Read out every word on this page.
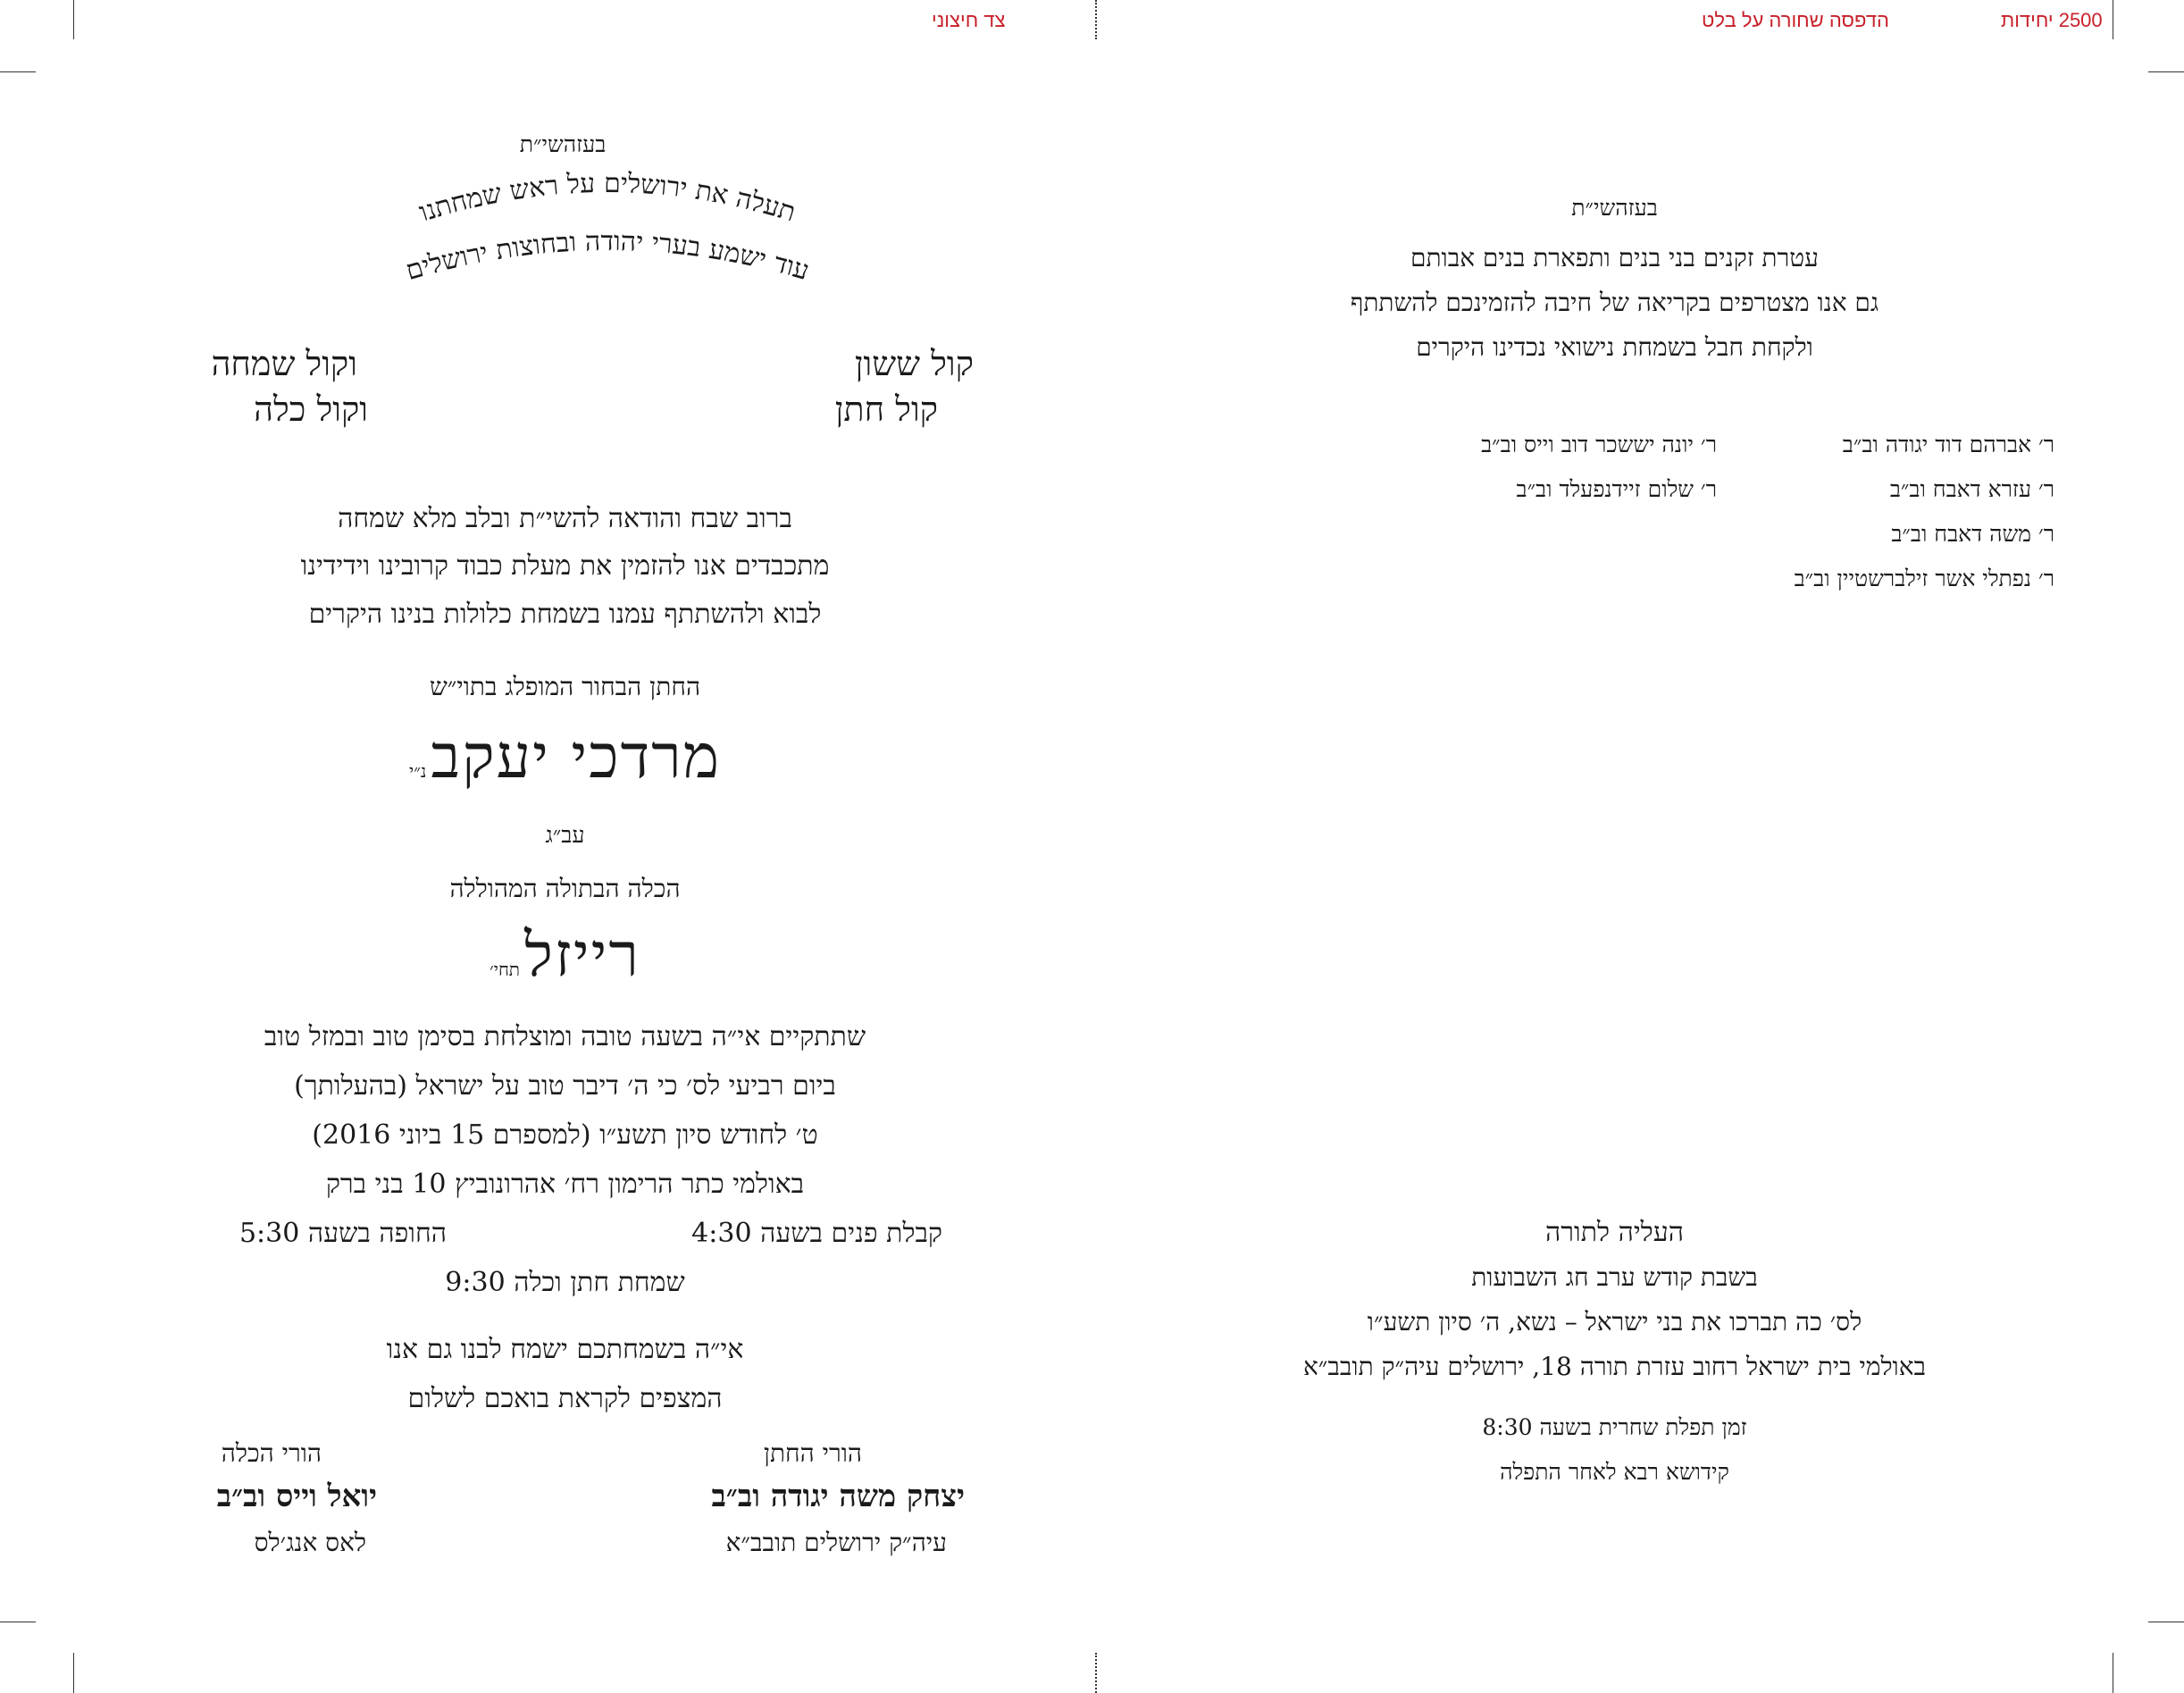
2500 יחידות
הדפסה שחורה על בלט
צד חיצוני
בעזהשי״ת
עטרת זקנים בני בנים ותפארת בנים אבותם
גם אנו מצטרפים בקריאה של חיבה להזמינכם להשתתף
ולקחת חבל בשמחת נישואי נכדינו היקרים
ר׳ אברהם דוד יגודה וב״ב
ר׳ עזרא דאבח וב״ב
ר׳ משה דאבח וב״ב
ר׳ נפתלי אשר זילברשטיין וב״ב
ר׳ יונה יששכר דוב וייס וב״ב
ר׳ שלום זיידנפעלד וב״ב
העליה לתורה
בשבת קודש ערב חג השבועות
לס׳ כה תברכו את בני ישראל – נשא, ה׳ סיון תשע״ו
באולמי בית ישראל רחוב עזרת תורה 18, ירושלים עיה״ק תובב״א
זמן תפלת שחרית בשעה 8:30
קידושא רבא לאחר התפלה
בעזהשי״ת
תעלה את ירושלים על ראש שמחתנו
עוד ישמע בערי יהודה ובחוצות ירושלים
קול ששון
וקול שמחה
קול חתן
וקול כלה
ברוב שבח והודאה להשי״ת ובלב מלא שמחה
מתכבדים אנו להזמין את מעלת כבוד קרובינו וידידינו
לבוא ולהשתתף עמנו בשמחת כלולות בנינו היקרים
החתן הבחור המופלג בתוי״ש
מרדכי יעקב נ״י
עב״ג
הכלה הבתולה המהוללה
רייזל תחי׳
שתתקיים אי״ה בשעה טובה ומוצלחת בסימן טוב ובמזל טוב
ביום רביעי לס׳ כי ה׳ דיבר טוב על ישראל (בהעלותך)
ט׳ לחודש סיון תשע״ו (למספרם 15 ביוני 2016)
באולמי כתר הרימון רח׳ אהרונוביץ 10 בני ברק
קבלת פנים בשעה 4:30
החופה בשעה 5:30
שמחת חתן וכלה 9:30
אי״ה בשמחתכם ישמח לבנו גם אנו
המצפים לקראת בואכם לשלום
הורי החתן
יצחק משה יגודה וב״ב
עיה״ק ירושלים תובב״א
הורי הכלה
יואל וייס וב״ב
לאס אנג׳לס
